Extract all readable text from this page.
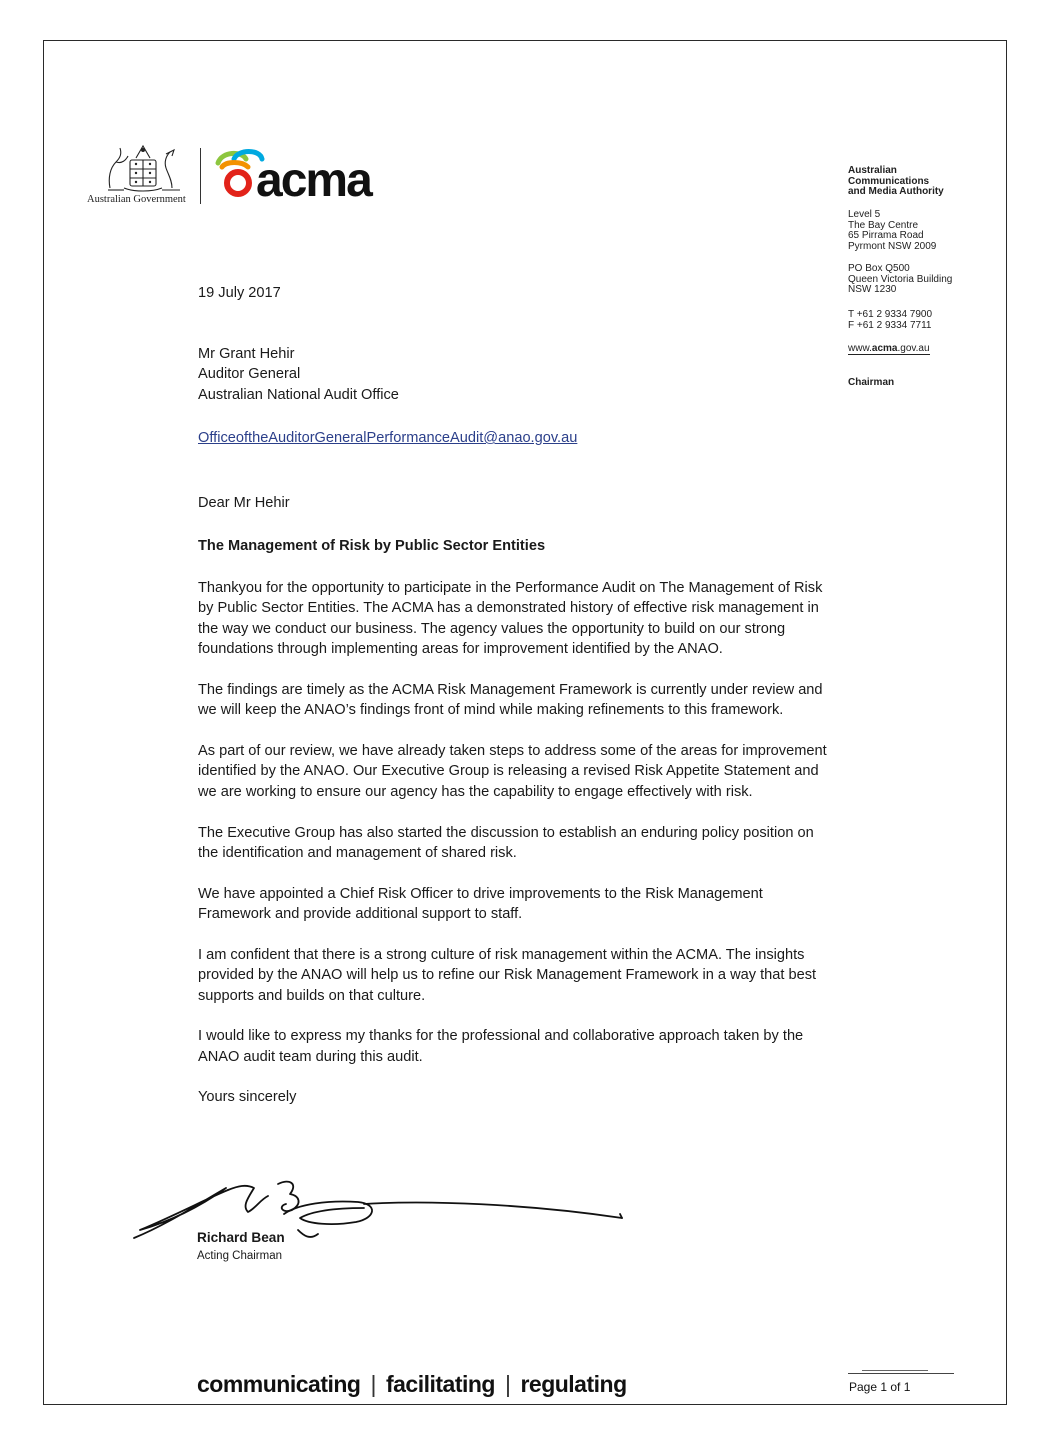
Australian Government acma	Australian
Communications
and Media Authority
Level 5
The Bay Centre
65 Pirrama Road
Pyrmont NSW 2009
PO Box Q500
Queen Victoria Building
NSW 1230
T +61 2 9334 7900
F +61 2 9334 7711
www.acma.gov.au
Chairman
19 July 2017

Mr Grant Hehir

Auditor General

Australian National Audit Office

OfficeoftheAuditorGeneralPerformanceAudit@anao.gov.au
Dear Mr Hehir
The Management of Risk by Public Sector Entities

Thankyou for the opportunity to participate in the Performance Audit on The Management of Risk by Public Sector Entities. The ACMA has a demonstrated history of effective risk management in the way we conduct our business. The agency values the opportunity to build on our strong foundations through implementing areas for improvement identified by the ANAO.

The findings are timely as the ACMA Risk Management Framework is currently under review and we will keep the ANAO’s findings front of mind while making refinements to this framework.

As part of our review, we have already taken steps to address some of the areas for improvement identified by the ANAO. Our Executive Group is releasing a revised Risk Appetite Statement and we are working to ensure our agency has the capability to engage effectively with risk.

The Executive Group has also started the discussion to establish an enduring policy position on the identification and management of shared risk.

We have appointed a Chief Risk Officer to drive improvements to the Risk Management Framework and provide additional support to staff.

I am confident that there is a strong culture of risk management within the ACMA. The insights provided by the ANAO will help us to refine our Risk Management Framework in a way that best supports and builds on that culture.

I would like to express my thanks for the professional and collaborative approach taken by the ANAO audit team during this audit.

Yours sincerely

Richard Bean
Acting Chairman
communicating | facilitating | regulating	Page 1 of 1
